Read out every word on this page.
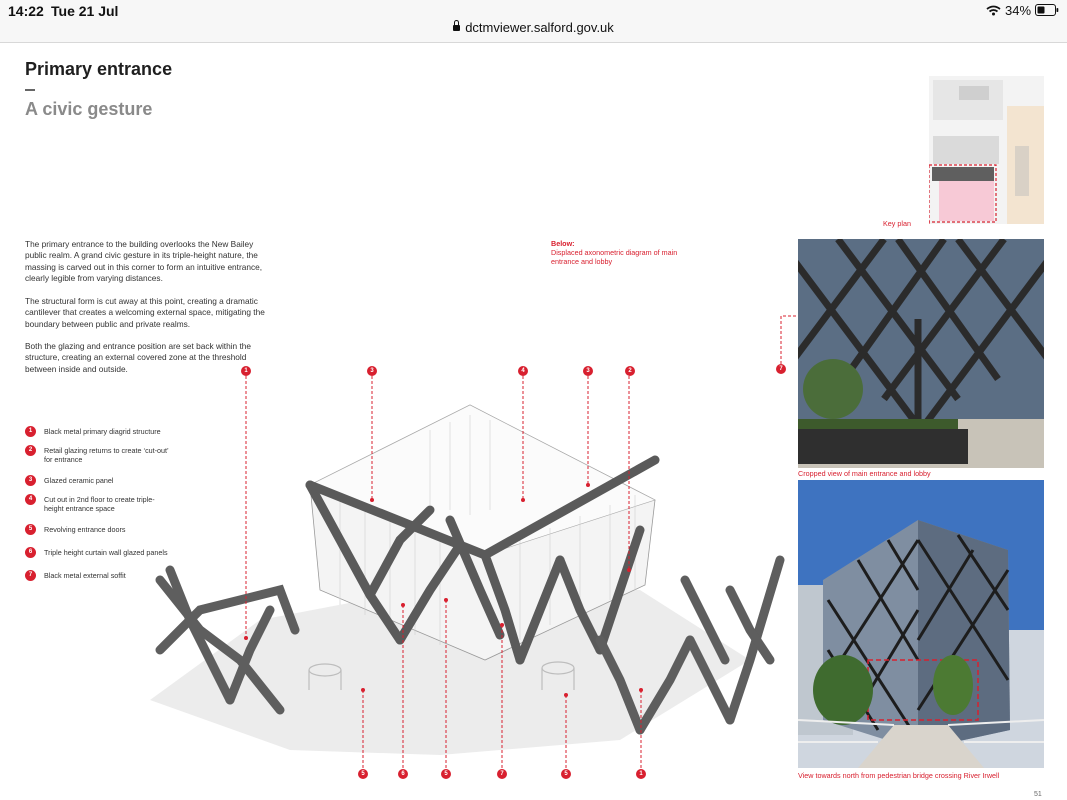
14:22 Tue 21 Jul	34%
dctmviewer.salford.gov.uk
Primary entrance
A civic gesture
The primary entrance to the building overlooks the New Bailey public realm. A grand civic gesture in its triple-height nature, the massing is carved out in this corner to form an intuitive entrance, clearly legible from varying distances.
The structural form is cut away at this point, creating a dramatic cantilever that creates a welcoming external space, mitigating the boundary between public and private realms.
Both the glazing and entrance position are set back within the structure, creating an external covered zone at the threshold between inside and outside.
1	Black metal primary diagrid structure
2	Retail glazing returns to create ‘cut-out’ for entrance
3	Glazed ceramic panel
4	Cut out in 2nd floor to create triple-height entrance space
5	Revolving entrance doors
6	Triple height curtain wall glazed panels
7	Black metal external soffit
Below:
Displaced axonometric diagram of main entrance and lobby
Key plan
1	3	4	3	2
5	6	5	7	5	1
7
Cropped view of main entrance and lobby
View towards north from pedestrian bridge crossing River Irwell
51
